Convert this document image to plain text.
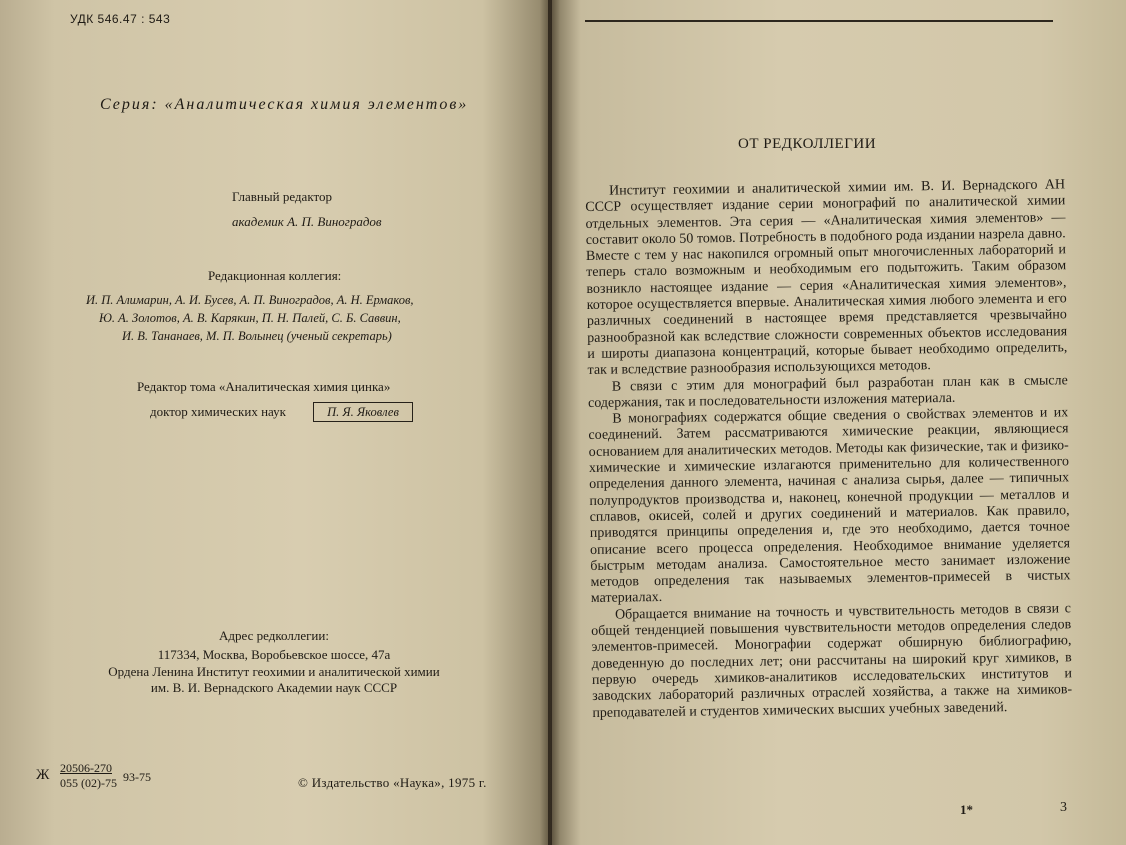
УДК 546.47 : 543
Серия: «Аналитическая химия элементов»
Главный редактор
академик А. П. Виноградов
Редакционная коллегия:
И. П. Алимарин, А. И. Бусев, А. П. Виноградов, А. Н. Ермаков,
Ю. А. Золотов, А. В. Карякин, П. Н. Палей, С. Б. Саввин,
И. В. Тананаев, М. П. Волынец (ученый секретарь)
Редактор тома «Аналитическая химия цинка»
доктор химических наук	П. Я. Яковлев
Адрес редколлегии:
117334, Москва, Воробьевское шоссе, 47а
Ордена Ленина Институт геохимии и аналитической химии
им. В. И. Вернадского Академии наук СССР
Ж 20506-270
055 (02)-75 93-75	© Издательство «Наука», 1975 г.
ОТ РЕДКОЛЛЕГИИ

Институт геохимии и аналитической химии им. В. И. Вернадского АН СССР осуществляет издание серии монографий по аналитической химии отдельных элементов. Эта серия — «Аналитическая химия элементов» — составит около 50 томов. Потребность в подобного рода издании назрела давно. Вместе с тем у нас накопился огромный опыт многочисленных лабораторий и теперь стало возможным и необходимым его подытожить. Таким образом возникло настоящее издание — серия «Аналитическая химия элементов», которое осуществляется впервые. Аналитическая химия любого элемента и его различных соединений в настоящее время представляется чрезвычайно разнообразной как вследствие сложности современных объектов исследования и широты диапазона концентраций, которые бывает необходимо определить, так и вследствие разнообразия использующихся методов.

В связи с этим для монографий был разработан план как в смысле содержания, так и последовательности изложения материала.

В монографиях содержатся общие сведения о свойствах элементов и их соединений. Затем рассматриваются химические реакции, являющиеся основанием для аналитических методов. Методы как физические, так и физико-химические и химические излагаются применительно для количественного определения данного элемента, начиная с анализа сырья, далее — типичных полупродуктов производства и, наконец, конечной продукции — металлов и сплавов, окисей, солей и других соединений и материалов. Как правило, приводятся принципы определения и, где это необходимо, дается точное описание всего процесса определения. Необходимое внимание уделяется быстрым методам анализа. Самостоятельное место занимает изложение методов определения так называемых элементов-примесей в чистых материалах.

Обращается внимание на точность и чувствительность методов в связи с общей тенденцией повышения чувствительности методов определения следов элементов-примесей. Монографии содержат обширную библиографию, доведенную до последних лет; они рассчитаны на широкий круг химиков, в первую очередь химиков-аналитиков исследовательских институтов и заводских лабораторий различных отраслей хозяйства, а также на химиков-преподавателей и студентов химических высших учебных заведений.

1*	3
